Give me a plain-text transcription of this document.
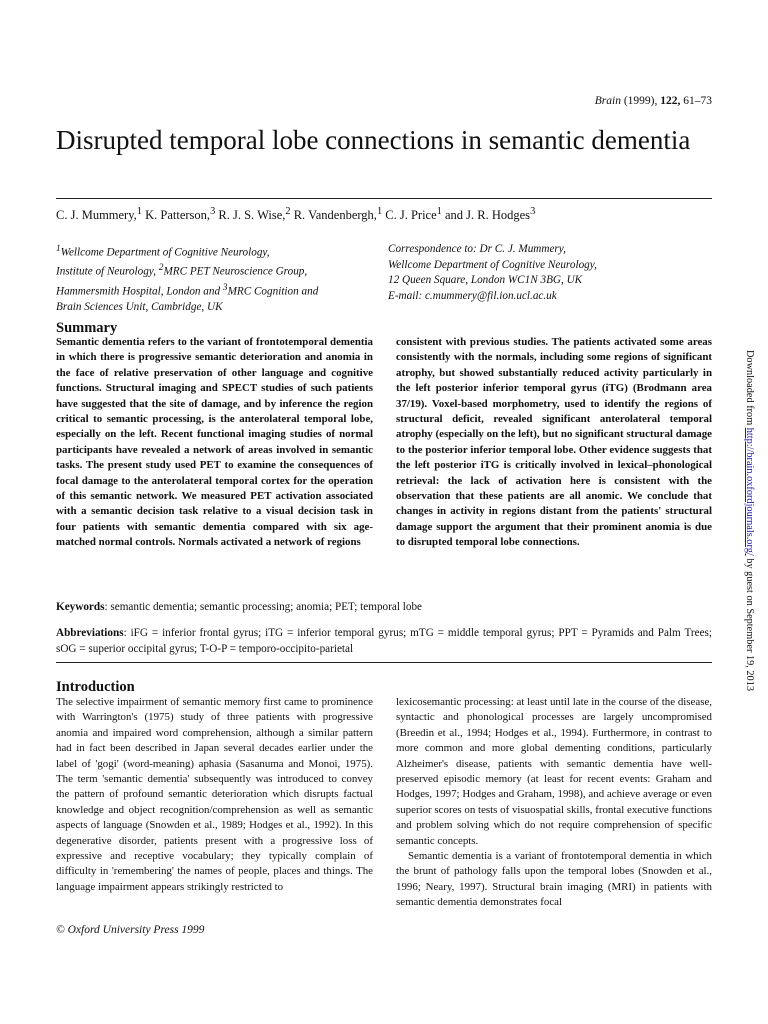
Brain (1999), 122, 61–73
Disrupted temporal lobe connections in semantic dementia
C. J. Mummery,$^1$ K. Patterson,$^3$ R. J. S. Wise,$^2$ R. Vandenbergh,$^1$ C. J. Price$^1$ and J. R. Hodges$^3$
$^1$Wellcome Department of Cognitive Neurology,
Institute of Neurology, $^2$MRC PET Neuroscience Group,
Hammersmith Hospital, London and $^3$MRC Cognition and
Brain Sciences Unit, Cambridge, UK
Correspondence to: Dr C. J. Mummery,
Wellcome Department of Cognitive Neurology,
12 Queen Square, London WC1N 3BG, UK
E-mail: c.mummery@fil.ion.ucl.ac.uk
Summary
Semantic dementia refers to the variant of frontotemporal dementia in which there is progressive semantic deterioration and anomia in the face of relative preservation of other language and cognitive functions. Structural imaging and SPECT studies of such patients have suggested that the site of damage, and by inference the region critical to semantic processing, is the anterolateral temporal lobe, especially on the left. Recent functional imaging studies of normal participants have revealed a network of areas involved in semantic tasks. The present study used PET to examine the consequences of focal damage to the anterolateral temporal cortex for the operation of this semantic network. We measured PET activation associated with a semantic decision task relative to a visual decision task in four patients with semantic dementia compared with six age-matched normal controls. Normals activated a network of regions
consistent with previous studies. The patients activated some areas consistently with the normals, including some regions of significant atrophy, but showed substantially reduced activity particularly in the left posterior inferior temporal gyrus (iTG) (Brodmann area 37/19). Voxel-based morphometry, used to identify the regions of structural deficit, revealed significant anterolateral temporal atrophy (especially on the left), but no significant structural damage to the posterior inferior temporal lobe. Other evidence suggests that the left posterior iTG is critically involved in lexical–phonological retrieval: the lack of activation here is consistent with the observation that these patients are all anomic. We conclude that changes in activity in regions distant from the patients' structural damage support the argument that their prominent anomia is due to disrupted temporal lobe connections.
Keywords: semantic dementia; semantic processing; anomia; PET; temporal lobe
Abbreviations: iFG = inferior frontal gyrus; iTG = inferior temporal gyrus; mTG = middle temporal gyrus; PPT = Pyramids and Palm Trees; sOG = superior occipital gyrus; T-O-P = temporo-occipito-parietal
Introduction

The selective impairment of semantic memory first came to prominence with Warrington's (1975) study of three patients with progressive anomia and impaired word comprehension, although a similar pattern had in fact been described in Japan several decades earlier under the label of 'gogi' (word-meaning) aphasia (Sasanuma and Monoi, 1975). The term 'semantic dementia' subsequently was introduced to convey the pattern of profound semantic deterioration which disrupts factual knowledge and object recognition/comprehension as well as semantic aspects of language (Snowden et al., 1989; Hodges et al., 1992). In this degenerative disorder, patients present with a progressive loss of expressive and receptive vocabulary; they typically complain of difficulty in 'remembering' the names of people, places and things. The language impairment appears strikingly restricted to

lexicosemantic processing: at least until late in the course of the disease, syntactic and phonological processes are largely uncompromised (Breedin et al., 1994; Hodges et al., 1994). Furthermore, in contrast to more common and more global dementing conditions, particularly Alzheimer's disease, patients with semantic dementia have well-preserved episodic memory (at least for recent events: Graham and Hodges, 1997; Hodges and Graham, 1998), and achieve average or even superior scores on tests of visuospatial skills, frontal executive functions and problem solving which do not require comprehension of specific semantic concepts.

Semantic dementia is a variant of frontotemporal dementia in which the brunt of pathology falls upon the temporal lobes (Snowden et al., 1996; Neary, 1997). Structural brain imaging (MRI) in patients with semantic dementia demonstrates focal

© Oxford University Press 1999
Downloaded from http://brain.oxfordjournals.org/ by guest on September 19, 2013
